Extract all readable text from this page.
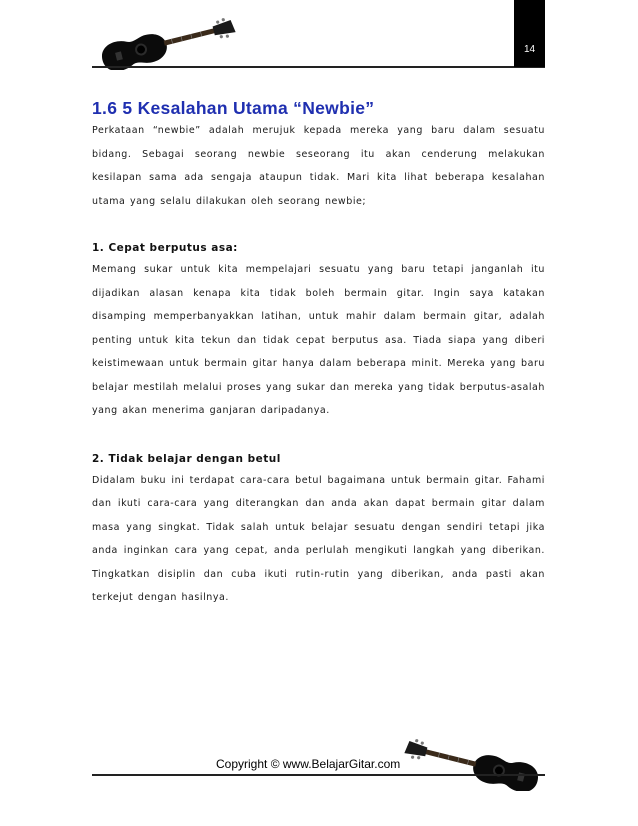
14
1.6 5 Kesalahan Utama “Newbie”

Perkataan “newbie” adalah merujuk kepada mereka yang baru dalam sesuatu bidang. Sebagai seorang newbie seseorang itu akan cenderung melakukan kesilapan sama ada sengaja ataupun tidak. Mari kita lihat beberapa kesalahan utama yang selalu dilakukan oleh seorang newbie;

1. Cepat berputus asa:

Memang sukar untuk kita mempelajari sesuatu yang baru tetapi janganlah itu dijadikan alasan kenapa kita tidak boleh bermain gitar. Ingin saya katakan disamping memperbanyakkan latihan, untuk mahir dalam bermain gitar, adalah penting untuk kita tekun dan tidak cepat berputus asa. Tiada siapa yang diberi keistimewaan untuk bermain gitar hanya dalam beberapa minit. Mereka yang baru belajar mestilah melalui proses yang sukar dan mereka yang tidak berputus-asalah yang akan menerima ganjaran daripadanya.

2. Tidak belajar dengan betul

Didalam buku ini terdapat cara-cara betul bagaimana untuk bermain gitar. Fahami dan ikuti cara-cara yang diterangkan dan anda akan dapat bermain gitar dalam masa yang singkat. Tidak salah untuk belajar sesuatu dengan sendiri tetapi jika anda inginkan cara yang cepat, anda perlulah mengikuti langkah yang diberikan. Tingkatkan disiplin dan cuba ikuti rutin-rutin yang diberikan, anda pasti akan terkejut dengan hasilnya.

Copyright © www.BelajarGitar.com
